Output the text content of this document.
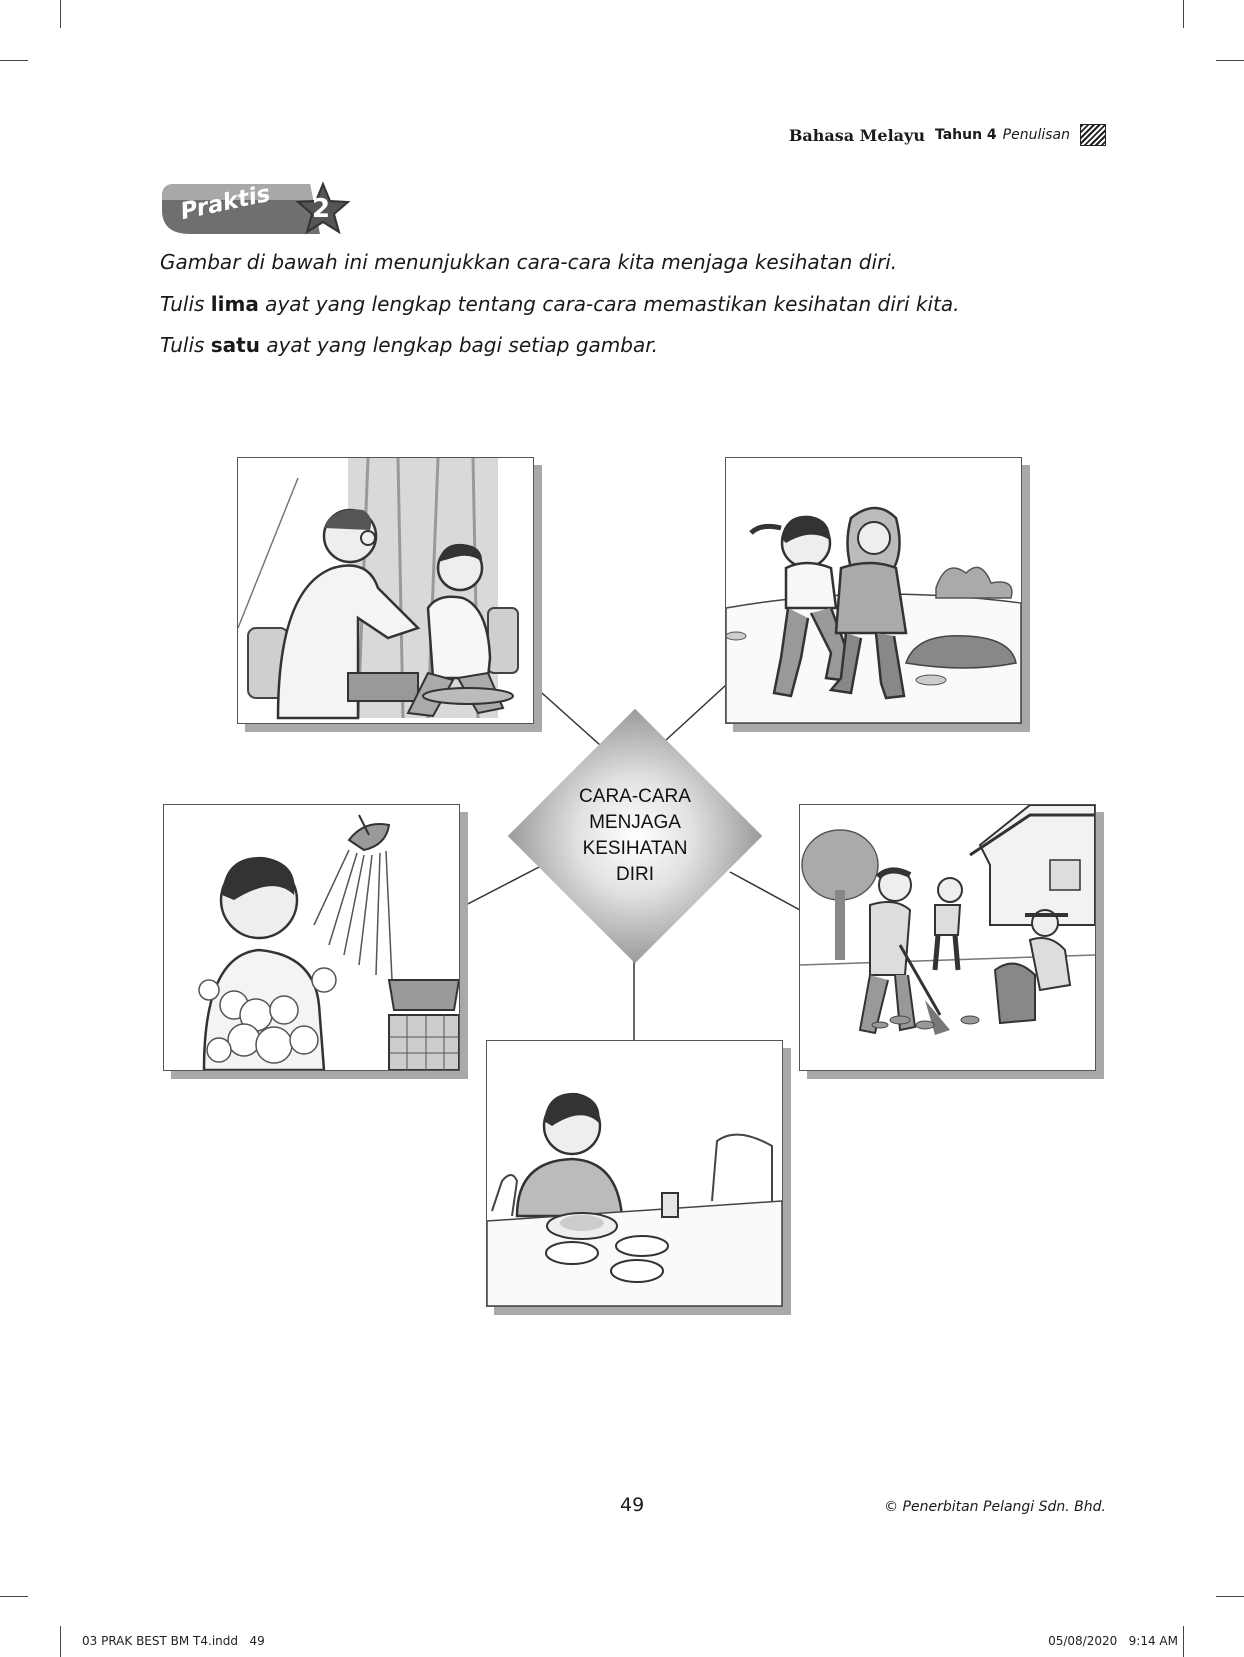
Bahasa Melayu Tahun 4 Penulisan
Praktis 2
Gambar di bawah ini menunjukkan cara-cara kita menjaga kesihatan diri.
Tulis lima ayat yang lengkap tentang cara-cara memastikan kesihatan diri kita.
Tulis satu ayat yang lengkap bagi setiap gambar.
CARA-CARA
MENJAGA
KESIHATAN
DIRI
49	© Penerbitan Pelangi Sdn. Bhd.
03 PRAK BEST BM T4.indd   49	05/08/2020   9:14 AM
